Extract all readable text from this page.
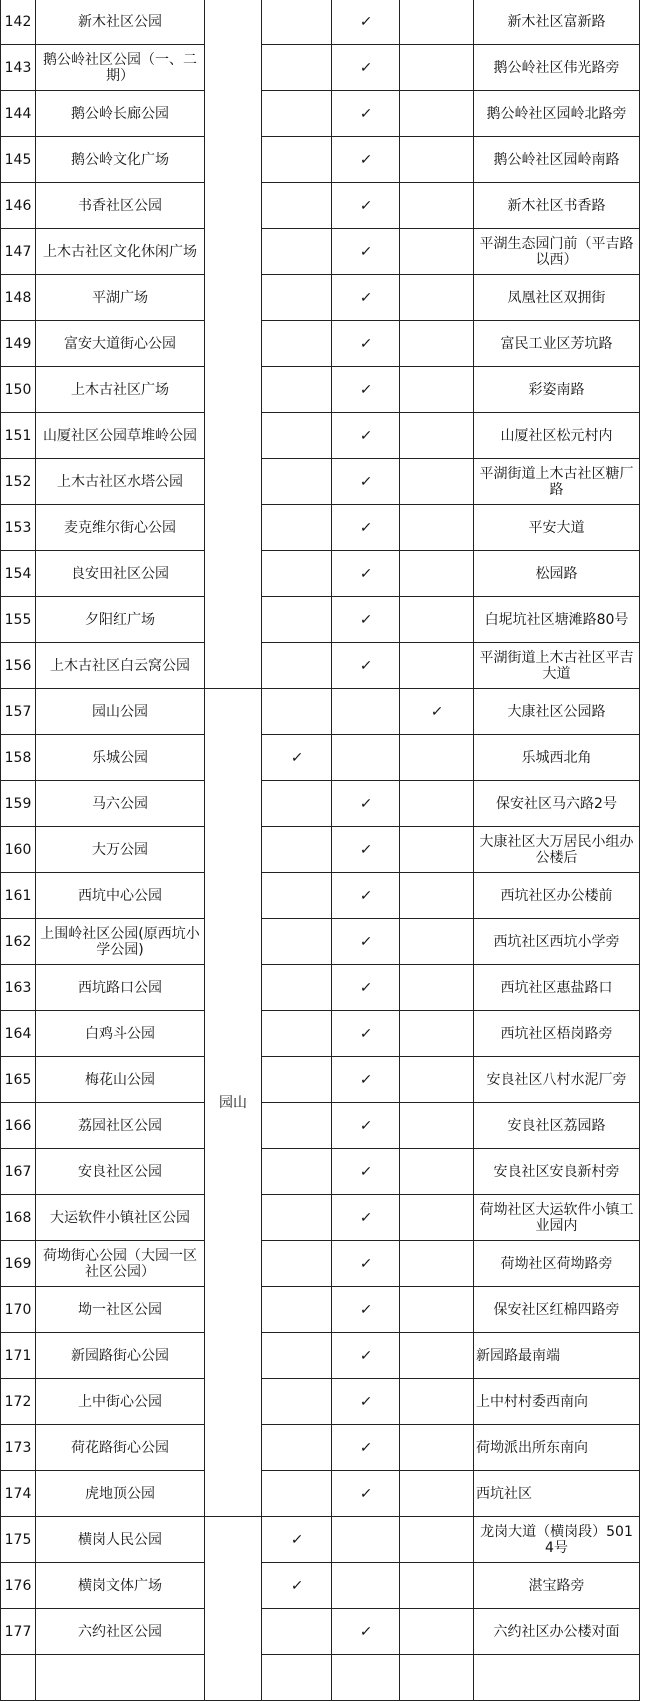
142	新木社区公园			✓		新木社区富新路
143	鹅公岭社区公园（一、二期）			✓		鹅公岭社区伟光路旁
144	鹅公岭长廊公园			✓		鹅公岭社区园岭北路旁
145	鹅公岭文化广场			✓		鹅公岭社区园岭南路
146	书香社区公园			✓		新木社区书香路
147	上木古社区文化休闲广场			✓		平湖生态园门前（平吉路以西）
148	平湖广场			✓		凤凰社区双拥街
149	富安大道街心公园			✓		富民工业区芳坑路
150	上木古社区广场			✓		彩姿南路
151	山厦社区公园草堆岭公园			✓		山厦社区松元村内
152	上木古社区水塔公园			✓		平湖街道上木古社区糖厂路
153	麦克维尔街心公园			✓		平安大道
154	良安田社区公园			✓		松园路
155	夕阳红广场			✓		白坭坑社区塘滩路80号
156	上木古社区白云窝公园			✓		平湖街道上木古社区平吉大道
157	园山公园	园山			✓	大康社区公园路
158	乐城公园		✓			乐城西北角
159	马六公园			✓		保安社区马六路2号
160	大万公园			✓		大康社区大万居民小组办公楼后
161	西坑中心公园			✓		西坑社区办公楼前
162	上围岭社区公园(原西坑小学公园)			✓		西坑社区西坑小学旁
163	西坑路口公园			✓		西坑社区惠盐路口
164	白鸡斗公园			✓		西坑社区梧岗路旁
165	梅花山公园			✓		安良社区八村水泥厂旁
166	荔园社区公园			✓		安良社区荔园路
167	安良社区公园			✓		安良社区安良新村旁
168	大运软件小镇社区公园			✓		荷坳社区大运软件小镇工业园内
169	荷坳街心公园（大园一区社区公园）			✓		荷坳社区荷坳路旁
170	坳一社区公园			✓		保安社区红棉四路旁
171	新园路街心公园			✓		新园路最南端
172	上中街心公园			✓		上中村村委西南向
173	荷花路街心公园			✓		荷坳派出所东南向
174	虎地顶公园			✓		西坑社区
175	横岗人民公园		✓			龙岗大道（横岗段）5014号
176	横岗文体广场		✓			湛宝路旁
177	六约社区公园			✓		六约社区办公楼对面
